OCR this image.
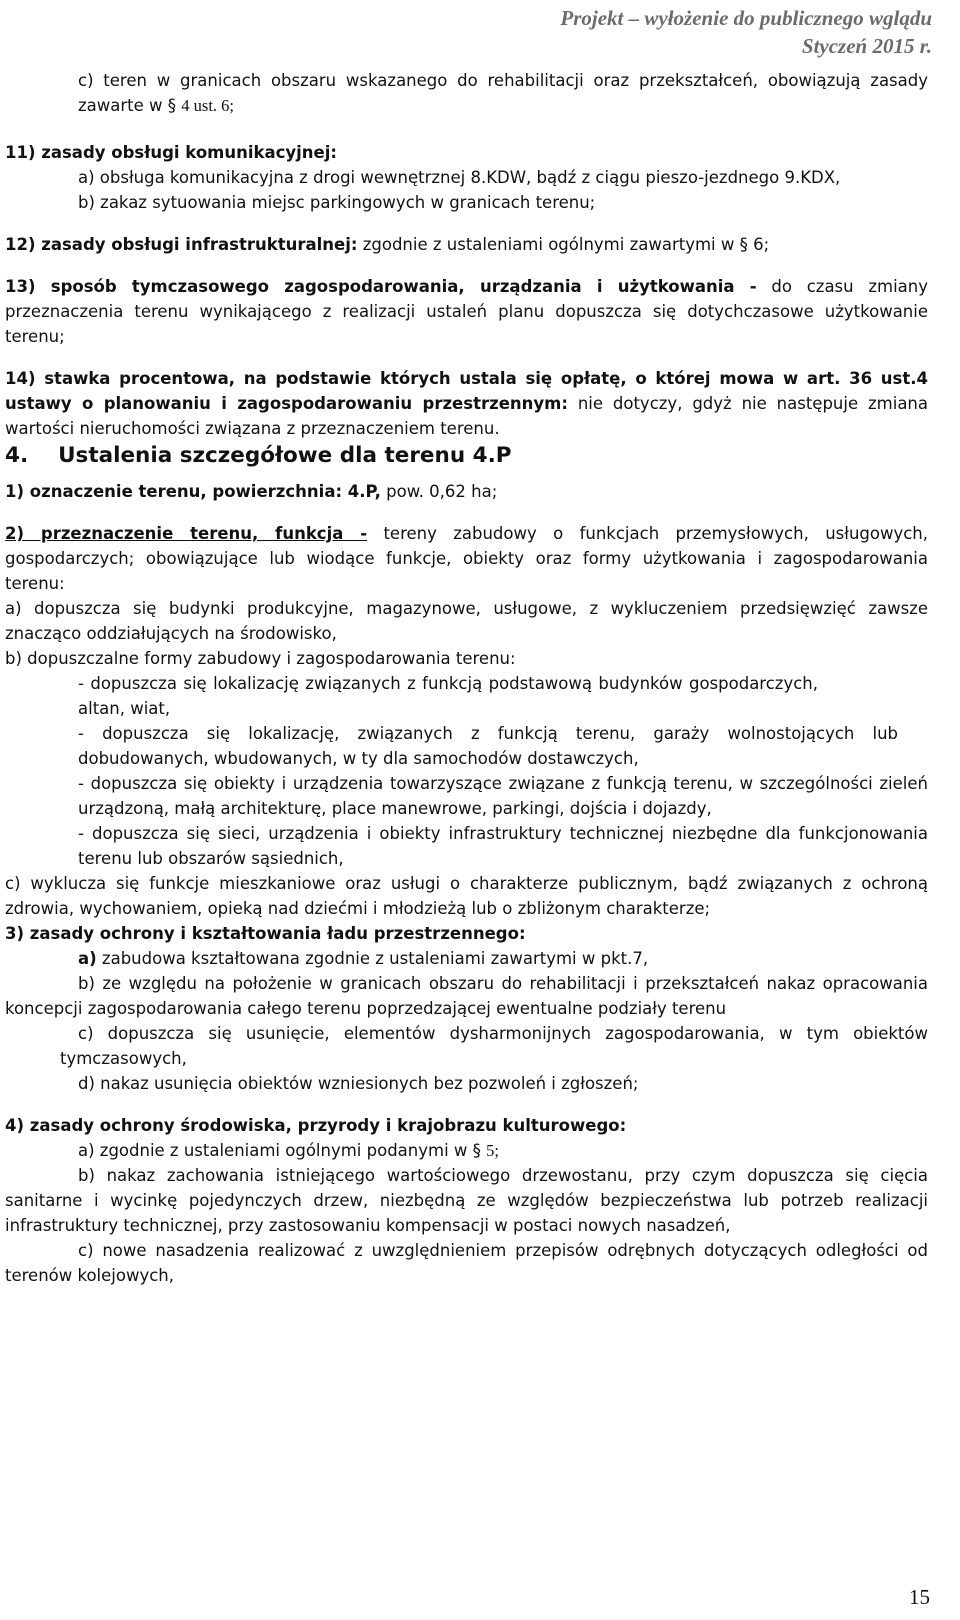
Projekt – wyłożenie do publicznego wglądu
Styczeń 2015 r.

c) teren w granicach obszaru wskazanego do rehabilitacji oraz przekształceń, obowiązują zasady zawarte w § 4 ust. 6;

11) zasady obsługi komunikacyjnej:

a) obsługa komunikacyjna z drogi wewnętrznej 8.KDW, bądź z ciągu pieszo-jezdnego 9.KDX,

b) zakaz sytuowania miejsc parkingowych w granicach terenu;

12) zasady obsługi infrastrukturalnej: zgodnie z ustaleniami ogólnymi zawartymi w § 6;

13) sposób tymczasowego zagospodarowania, urządzania i użytkowania - do czasu zmiany przeznaczenia terenu wynikającego z realizacji ustaleń planu dopuszcza się dotychczasowe użytkowanie terenu;

14) stawka procentowa, na podstawie których ustala się opłatę, o której mowa w art. 36 ust.4 ustawy o planowaniu i zagospodarowaniu przestrzennym: nie dotyczy, gdyż nie następuje zmiana wartości nieruchomości związana z przeznaczeniem terenu.

4.    Ustalenia szczegółowe dla terenu 4.P

1) oznaczenie terenu, powierzchnia: 4.P, pow. 0,62 ha;

2) przeznaczenie terenu, funkcja - tereny zabudowy o funkcjach przemysłowych, usługowych, gospodarczych; obowiązujące lub wiodące funkcje, obiekty oraz formy użytkowania i zagospodarowania terenu:

a) dopuszcza się budynki produkcyjne, magazynowe, usługowe, z wykluczeniem przedsięwzięć zawsze znacząco oddziałujących na środowisko,

b) dopuszczalne formy zabudowy i zagospodarowania terenu:

- dopuszcza się lokalizację związanych z funkcją podstawową budynków gospodarczych, altan, wiat,

- dopuszcza się lokalizację, związanych z funkcją terenu, garaży wolnostojących lub dobudowanych, wbudowanych, w ty dla samochodów dostawczych,

- dopuszcza się obiekty i urządzenia towarzyszące związane z funkcją terenu, w szczególności zieleń urządzoną, małą architekturę, place manewrowe, parkingi, dojścia i dojazdy,

- dopuszcza się sieci, urządzenia i obiekty infrastruktury technicznej niezbędne dla funkcjonowania terenu lub obszarów sąsiednich,

c) wyklucza się funkcje mieszkaniowe oraz usługi o charakterze publicznym, bądź związanych z ochroną zdrowia, wychowaniem, opieką nad dziećmi i młodzieżą lub o zbliżonym charakterze;

3) zasady ochrony i kształtowania ładu przestrzennego:

a) zabudowa kształtowana zgodnie z ustaleniami zawartymi w pkt.7,

b) ze względu na położenie w granicach obszaru do rehabilitacji i przekształceń nakaz opracowania koncepcji zagospodarowania całego terenu poprzedzającej ewentualne podziały terenu

c) dopuszcza się usunięcie, elementów dysharmonijnych zagospodarowania, w tym obiektów tymczasowych,

d) nakaz usunięcia obiektów wzniesionych bez pozwoleń i zgłoszeń;

4) zasady ochrony środowiska, przyrody i krajobrazu kulturowego:

a) zgodnie z ustaleniami ogólnymi podanymi w § 5;

b) nakaz zachowania istniejącego wartościowego drzewostanu, przy czym dopuszcza się cięcia sanitarne i wycinkę pojedynczych drzew, niezbędną ze względów bezpieczeństwa lub potrzeb realizacji infrastruktury technicznej, przy zastosowaniu kompensacji w postaci nowych nasadzeń,

c) nowe nasadzenia realizować z uwzględnieniem przepisów odrębnych dotyczących odległości od terenów kolejowych,

15
